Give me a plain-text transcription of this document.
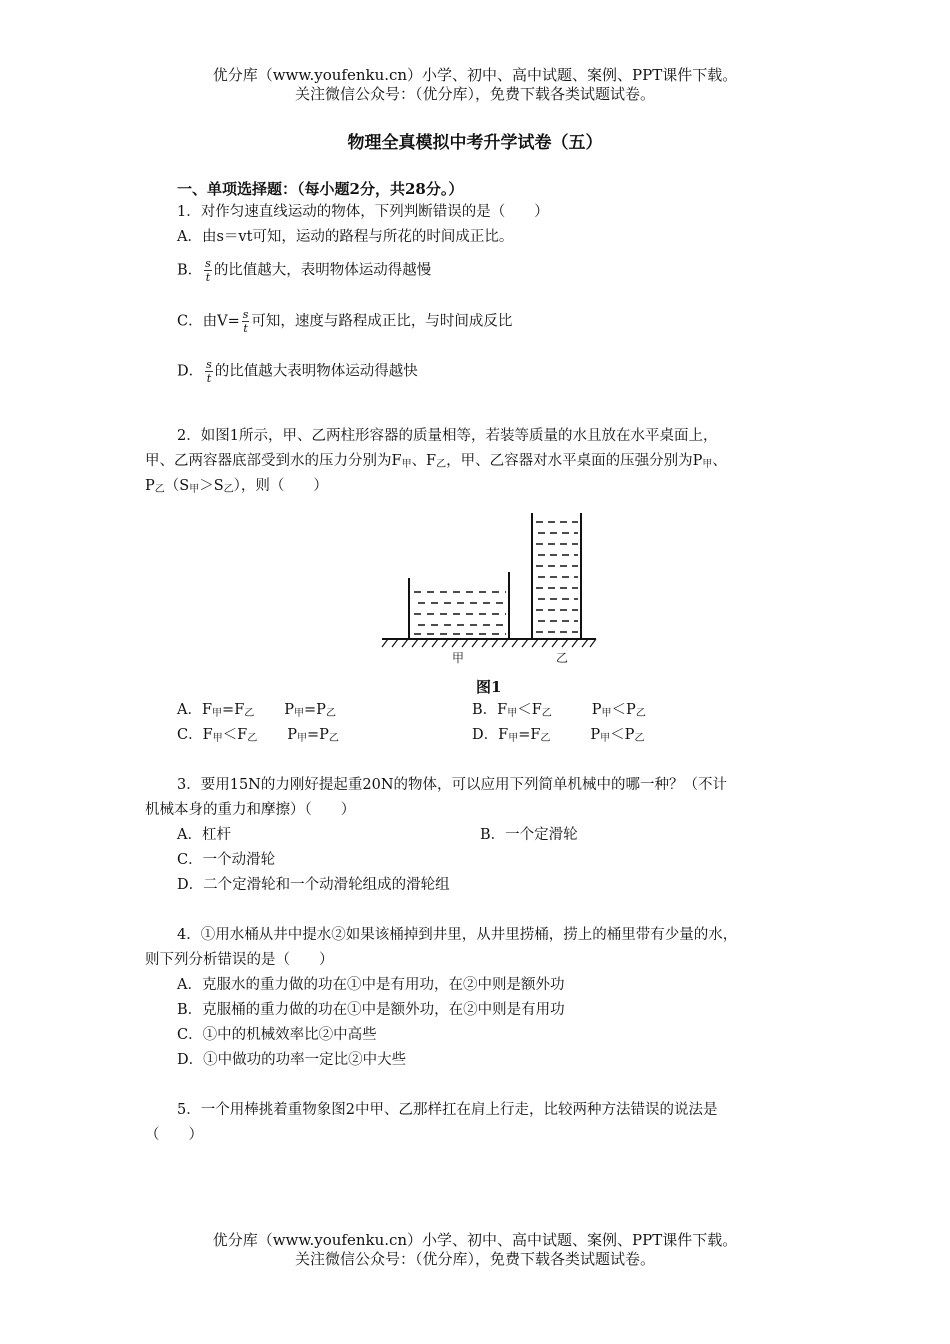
优分库（www.youfenku.cn）小学、初中、高中试题、案例、PPT课件下载。
关注微信公众号：（优分库），免费下载各类试题试卷。
物理全真模拟中考升学试卷（五）
一、单项选择题：（每小题2分，共28分。）
1．对作匀速直线运动的物体，下列判断错误的是（　　）
A．由s＝vt可知，运动的路程与所花的时间成正比。
B． $\frac{s}{t}$ 的比值越大，表明物体运动得越慢
C．由$V= \frac{s}{t}$ 可知，速度与路程成正比，与时间成反比
D． $\frac{s}{t}$ 的比值越大表明物体运动得越快
2．如图1所示，甲、乙两柱形容器的质量相等，若装等质量的水且放在水平桌面上，
甲、乙两容器底部受到水的压力分别为F甲、F乙，甲、乙容器对水平桌面的压强分别为P甲、
P乙（S甲＞S乙），则（　　）
甲	乙
图1
A．F甲=F乙 P甲=P乙	B．F甲＜F乙	P甲＜P乙
C．F甲＜F乙 P甲=P乙	D．F甲=F乙	P甲＜P乙
3．要用15N的力刚好提起重20N的物体，可以应用下列简单机械中的哪一种？（不计
机械本身的重力和摩擦）（　　）
A．杠杆	B．一个定滑轮
C．一个动滑轮
D．二个定滑轮和一个动滑轮组成的滑轮组
4．①用水桶从井中提水②如果该桶掉到井里，从井里捞桶，捞上的桶里带有少量的水，
则下列分析错误的是（　　）
A．克服水的重力做的功在①中是有用功，在②中则是额外功
B．克服桶的重力做的功在①中是额外功，在②中则是有用功
C．①中的机械效率比②中高些
D．①中做功的功率一定比②中大些
5．一个用棒挑着重物象图2中甲、乙那样扛在肩上行走，比较两种方法错误的说法是
（　　）
优分库（www.youfenku.cn）小学、初中、高中试题、案例、PPT课件下载。
关注微信公众号：（优分库），免费下载各类试题试卷。
